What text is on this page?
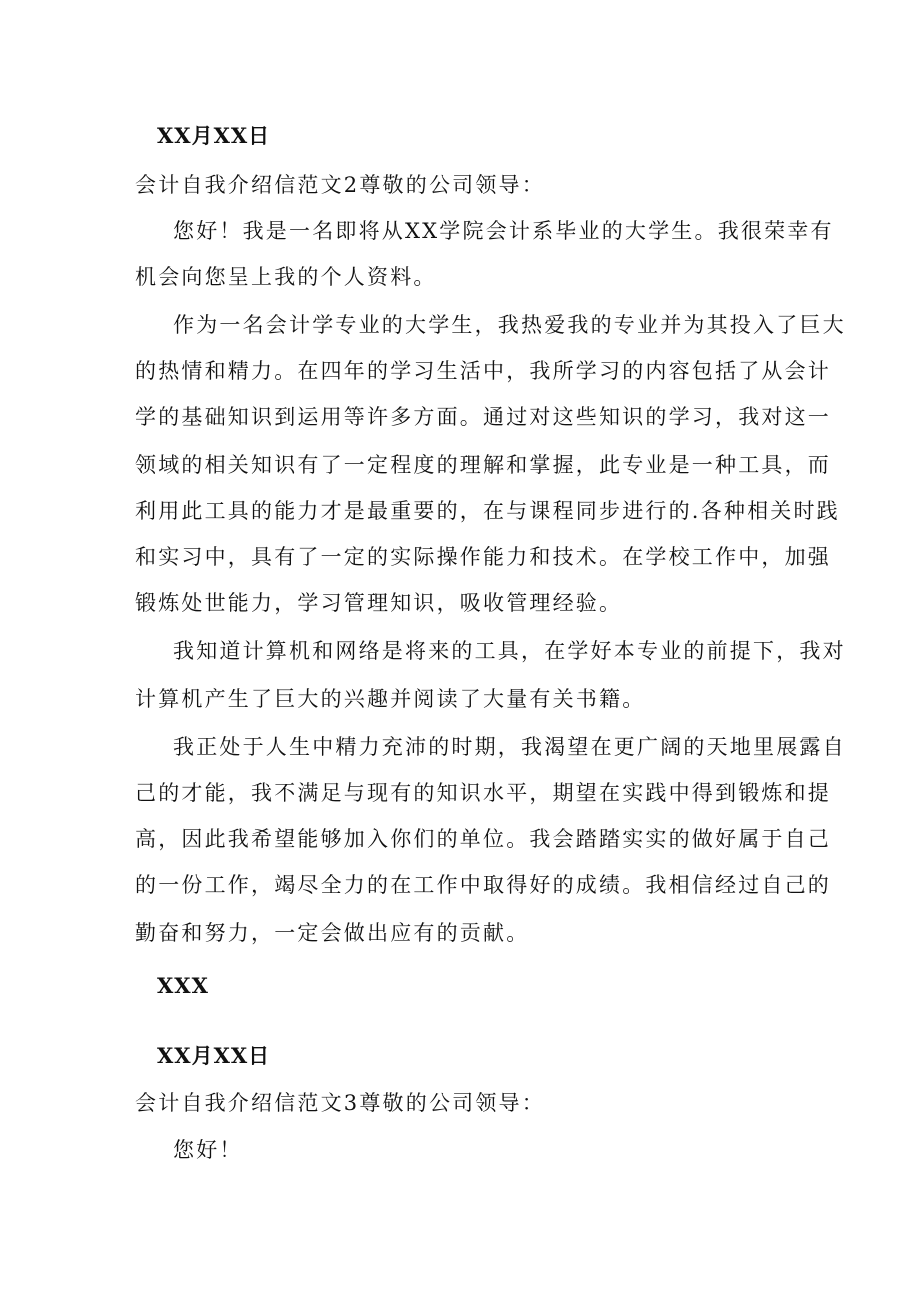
XX月XX日
会计自我介绍信范文2尊敬的公司领导：
您好！我是一名即将从XX学院会计系毕业的大学生。我很荣幸有
机会向您呈上我的个人资料。
作为一名会计学专业的大学生，我热爱我的专业并为其投入了巨大
的热情和精力。在四年的学习生活中，我所学习的内容包括了从会计
学的基础知识到运用等许多方面。通过对这些知识的学习，我对这一
领域的相关知识有了一定程度的理解和掌握，此专业是一种工具，而
利用此工具的能力才是最重要的，在与课程同步进行的.各种相关时践
和实习中，具有了一定的实际操作能力和技术。在学校工作中，加强
锻炼处世能力，学习管理知识，吸收管理经验。
我知道计算机和网络是将来的工具，在学好本专业的前提下，我对
计算机产生了巨大的兴趣并阅读了大量有关书籍。
我正处于人生中精力充沛的时期，我渴望在更广阔的天地里展露自
己的才能，我不满足与现有的知识水平，期望在实践中得到锻炼和提
高，因此我希望能够加入你们的单位。我会踏踏实实的做好属于自己
的一份工作，竭尽全力的在工作中取得好的成绩。我相信经过自己的
勤奋和努力，一定会做出应有的贡献。
XXX
XX月XX日
会计自我介绍信范文3尊敬的公司领导：
您好！
